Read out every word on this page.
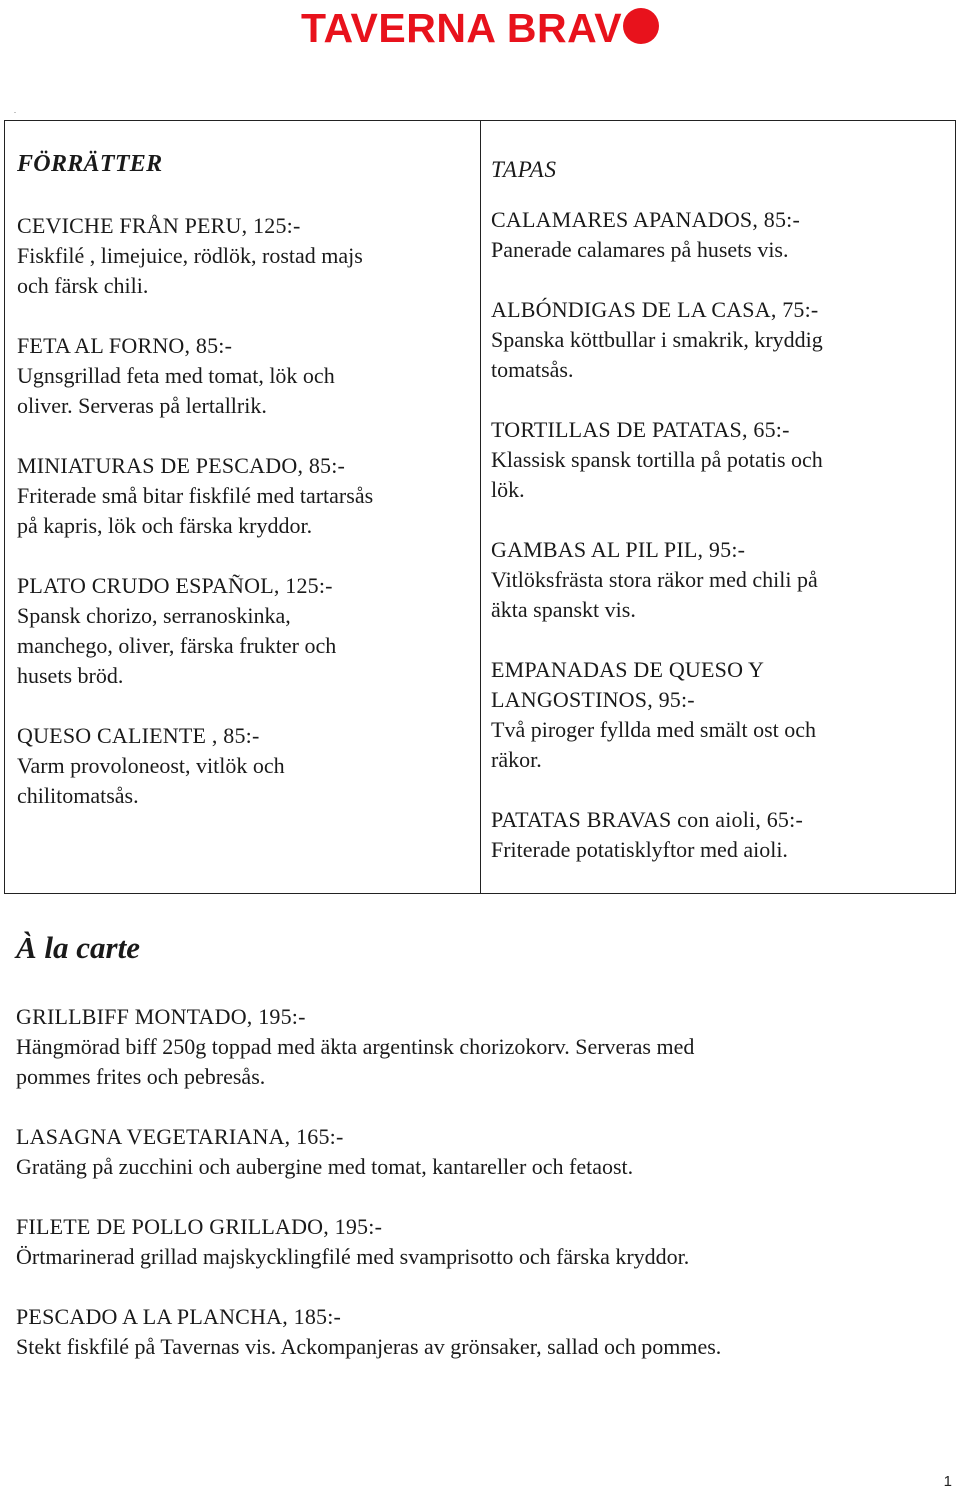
TAVERNA BRAV
.
FÖRRÄTTER

CEVICHE FRÅN PERU, 125:-

Fiskfilé , limejuice, rödlök, rostad majs

och färsk chili.

FETA AL FORNO, 85:-

Ugnsgrillad feta med tomat, lök och

oliver. Serveras på lertallrik.

MINIATURAS DE PESCADO, 85:-

Friterade små bitar fiskfilé med tartarsås

på kapris, lök och färska kryddor.

PLATO CRUDO ESPAÑOL, 125:-

Spansk chorizo, serranoskinka,

manchego, oliver, färska frukter och

husets bröd.

QUESO CALIENTE , 85:-

Varm provoloneost, vitlök och

chilitomatsås.

TAPAS

CALAMARES APANADOS, 85:-

Panerade calamares på husets vis.

ALBÓNDIGAS DE LA CASA, 75:-

Spanska köttbullar i smakrik, kryddig

tomatsås.

TORTILLAS DE PATATAS, 65:-

Klassisk spansk tortilla på potatis och

lök.

GAMBAS AL PIL PIL, 95:-

Vitlöksfrästa stora räkor med chili på

äkta spanskt vis.

EMPANADAS DE QUESO Y

LANGOSTINOS, 95:-

Två piroger fyllda med smält ost och

räkor.

PATATAS BRAVAS con aioli, 65:-

Friterade potatisklyftor med aioli.

À la carte

GRILLBIFF MONTADO, 195:-

Hängmörad biff 250g toppad med äkta argentinsk chorizokorv. Serveras med

pommes frites och pebresås.

LASAGNA VEGETARIANA, 165:-

Gratäng på zucchini och aubergine med tomat, kantareller och fetaost.

FILETE DE POLLO GRILLADO, 195:-

Örtmarinerad grillad majskycklingfilé med svamprisotto och färska kryddor.

PESCADO A LA PLANCHA, 185:-

Stekt fiskfilé på Tavernas vis. Ackompanjeras av grönsaker, sallad och pommes.

1
